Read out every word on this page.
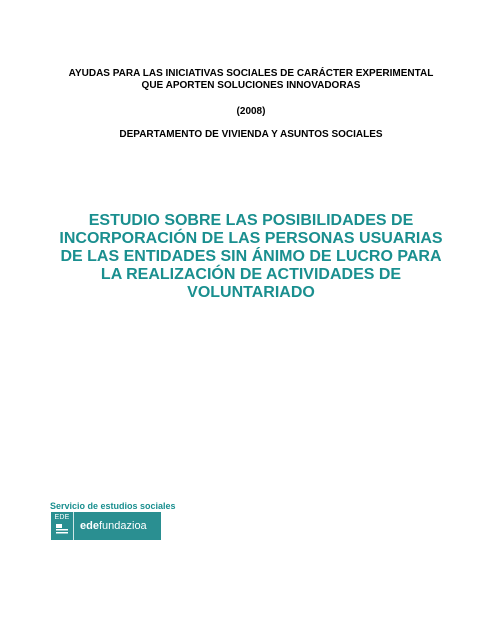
AYUDAS PARA LAS INICIATIVAS SOCIALES DE CARÁCTER EXPERIMENTAL
QUE APORTEN SOLUCIONES INNOVADORAS
(2008)
DEPARTAMENTO DE VIVIENDA Y ASUNTOS SOCIALES
ESTUDIO SOBRE LAS POSIBILIDADES DE
INCORPORACIÓN DE LAS PERSONAS USUARIAS
DE LAS ENTIDADES SIN ÁNIMO DE LUCRO PARA
LA REALIZACIÓN DE ACTIVIDADES DE
VOLUNTARIADO
Servicio de estudios sociales
EDE
ede fundazioa
